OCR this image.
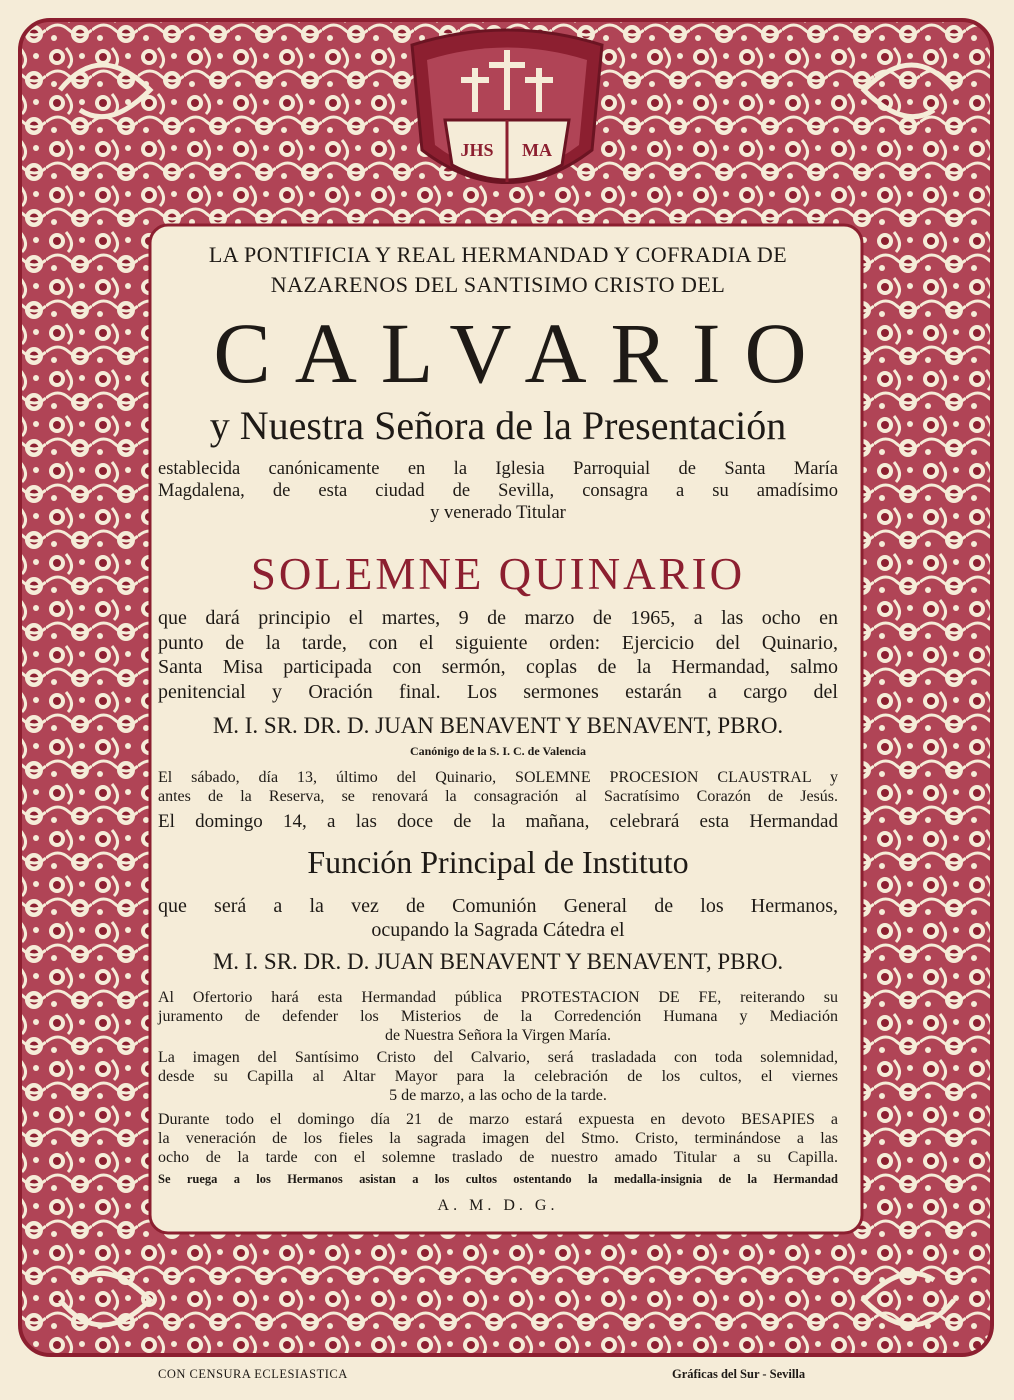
JHS MA
LA PONTIFICIA Y REAL HERMANDAD Y COFRADIA DE
NAZARENOS DEL SANTISIMO CRISTO DEL
CALVARIO
y Nuestra Señora de la Presentación
establecida canónicamente en la Iglesia Parroquial de Santa María
Magdalena, de esta ciudad de Sevilla, consagra a su amadísimo
y venerado Titular
SOLEMNE QUINARIO
que dará principio el martes, 9 de marzo de 1965, a las ocho en
punto de la tarde, con el siguiente orden: Ejercicio del Quinario,
Santa Misa participada con sermón, coplas de la Hermandad, salmo
penitencial y Oración final. Los sermones estarán a cargo del
M. I. SR. DR. D. JUAN BENAVENT Y BENAVENT, PBRO.
Canónigo de la S. I. C. de Valencia
El sábado, día 13, último del Quinario, SOLEMNE PROCESION CLAUSTRAL y
antes de la Reserva, se renovará la consagración al Sacratísimo Corazón de Jesús.
El domingo 14, a las doce de la mañana, celebrará esta Hermandad
Función Principal de Instituto
que será a la vez de Comunión General de los Hermanos,
ocupando la Sagrada Cátedra el
M. I. SR. DR. D. JUAN BENAVENT Y BENAVENT, PBRO.
Al Ofertorio hará esta Hermandad pública PROTESTACION DE FE, reiterando su
juramento de defender los Misterios de la Corredención Humana y Mediación
de Nuestra Señora la Virgen María.
La imagen del Santísimo Cristo del Calvario, será trasladada con toda solemnidad,
desde su Capilla al Altar Mayor para la celebración de los cultos, el viernes
5 de marzo, a las ocho de la tarde.
Durante todo el domingo día 21 de marzo estará expuesta en devoto BESAPIES a
la veneración de los fieles la sagrada imagen del Stmo. Cristo, terminándose a las
ocho de la tarde con el solemne traslado de nuestro amado Titular a su Capilla.
Se ruega a los Hermanos asistan a los cultos ostentando la medalla-insignia de la Hermandad
A. M. D. G.
CON CENSURA ECLESIASTICA	Gráficas del Sur - Sevilla
